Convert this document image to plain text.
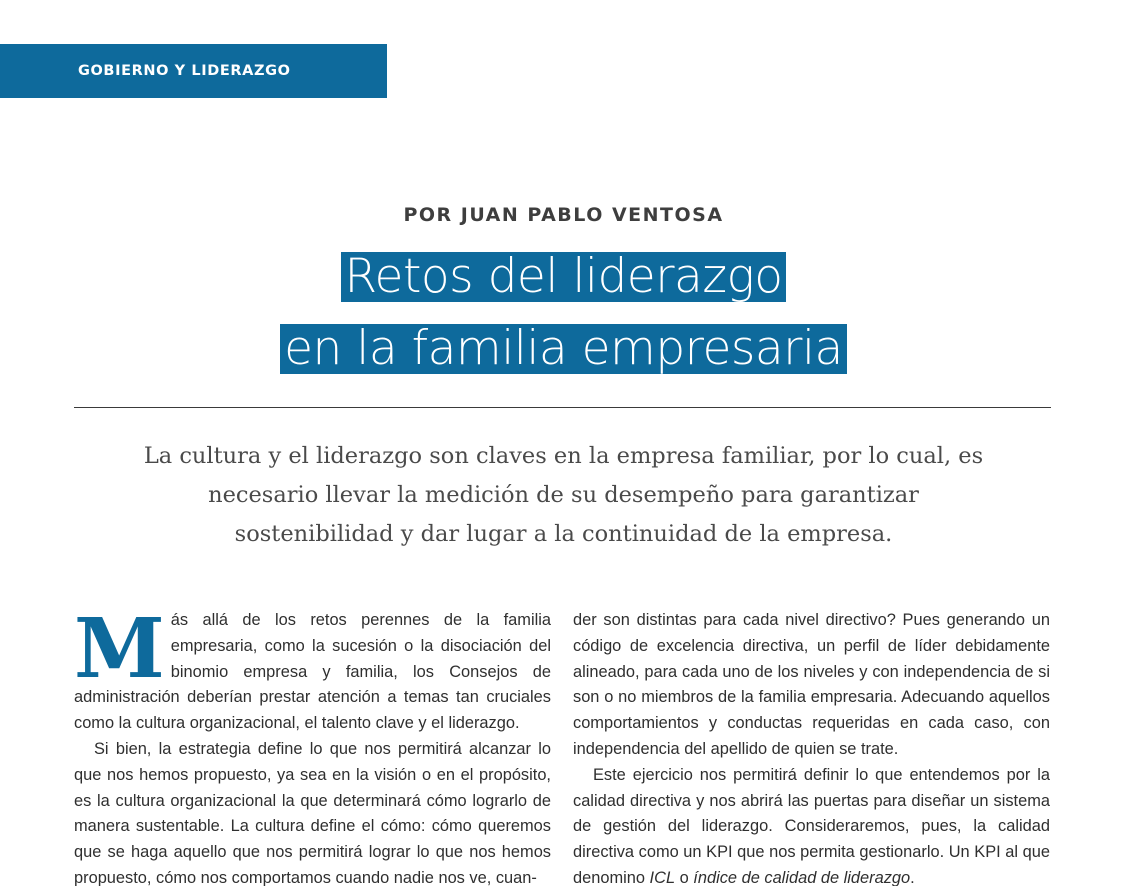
GOBIERNO Y LIDERAZGO
POR JUAN PABLO VENTOSA
Retos del liderazgo
en la familia empresaria

La cultura y el liderazgo son claves en la empresa familiar, por lo cual, es necesario llevar la medición de su desempeño para garantizar sostenibilidad y dar lugar a la continuidad de la empresa.

Más allá de los retos perennes de la familia empresaria, como la sucesión o la disociación del binomio empresa y familia, los Consejos de administración deberían prestar atención a temas tan cruciales como la cultura organizacional, el talento clave y el liderazgo.

Si bien, la estrategia define lo que nos permitirá alcanzar lo que nos hemos propuesto, ya sea en la visión o en el propósito, es la cultura organizacional la que determinará cómo lograrlo de manera sustentable. La cultura define el cómo: cómo queremos que se haga aquello que nos permitirá lograr lo que nos hemos propuesto, cómo nos comportamos cuando nadie nos ve, cuan-

der son distintas para cada nivel directivo? Pues generando un código de excelencia directiva, un perfil de líder debidamente alineado, para cada uno de los niveles y con independencia de si son o no miembros de la familia empresaria. Adecuando aquellos comportamientos y conductas requeridas en cada caso, con independencia del apellido de quien se trate.

Este ejercicio nos permitirá definir lo que entendemos por la calidad directiva y nos abrirá las puertas para diseñar un sistema de gestión del liderazgo. Consideraremos, pues, la calidad directiva como un KPI que nos permita gestionarlo. Un KPI al que denomino ICL o índice de calidad de liderazgo.
